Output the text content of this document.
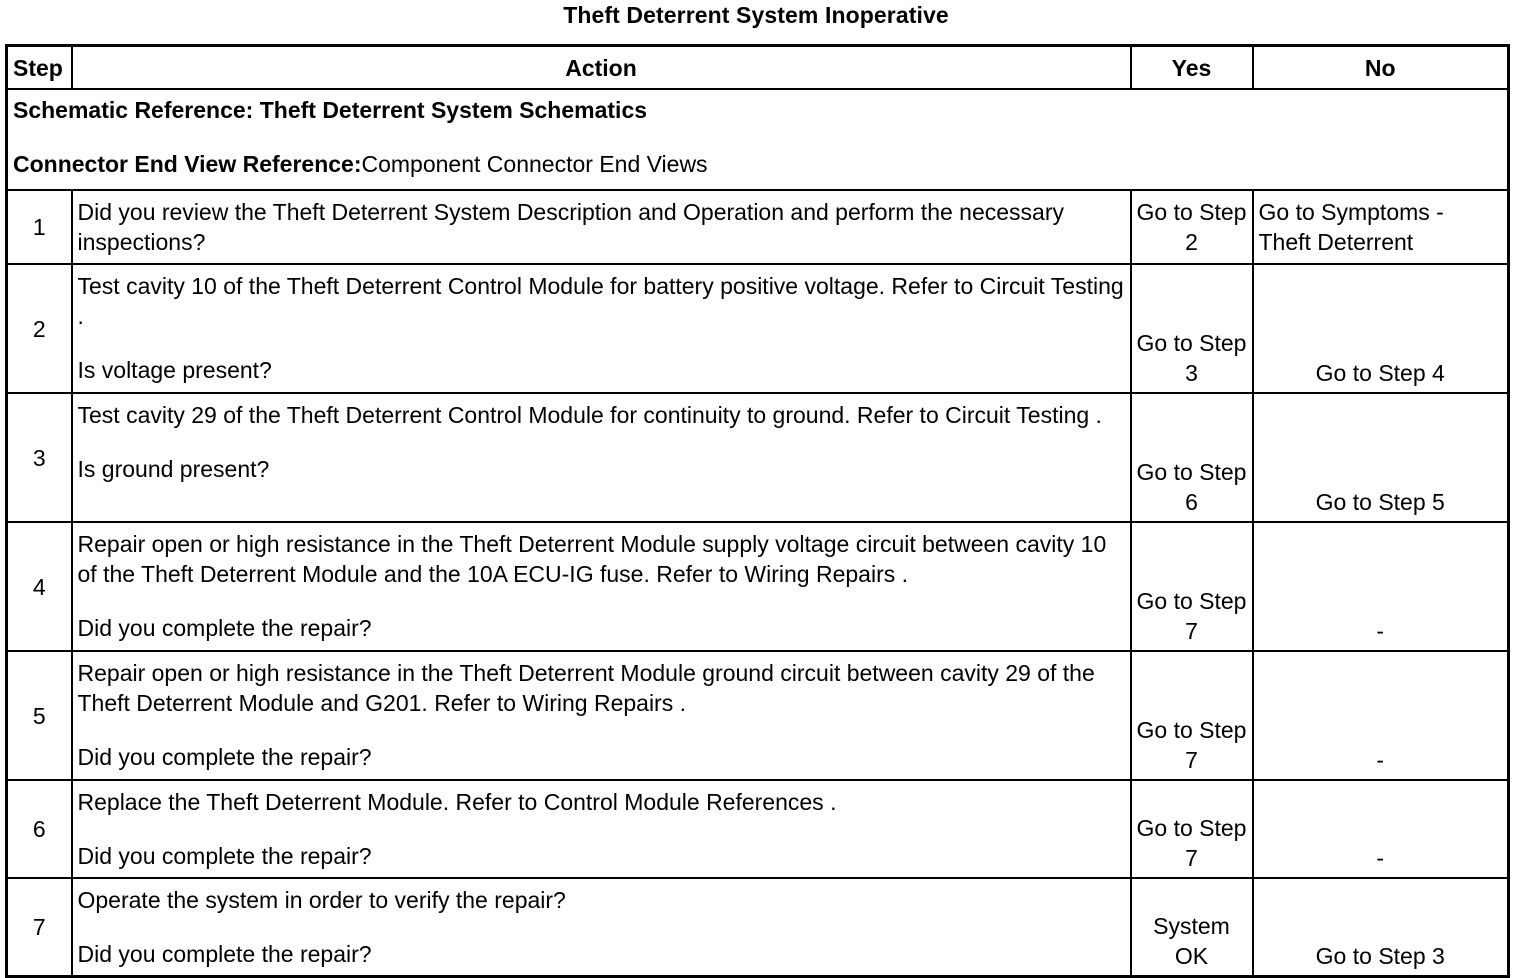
Theft Deterrent System Inoperative
Step	Action	Yes	No

Schematic Reference: Theft Deterrent System Schematics
Connector End View Reference:Component Connector End Views			

1	Did you review the Theft Deterrent System Description and Operation and perform the necessary inspections?	Go to Step 2	Go to Symptoms - Theft Deterrent
2	Test cavity 10 of the Theft Deterrent Control Module for battery positive voltage. Refer to Circuit Testing .
Is voltage present?	Go to Step 3	Go to Step 4
3	Test cavity 29 of the Theft Deterrent Control Module for continuity to ground. Refer to Circuit Testing .
Is ground present?	Go to Step 6	Go to Step 5
4	Repair open or high resistance in the Theft Deterrent Module supply voltage circuit between cavity 10 of the Theft Deterrent Module and the 10A ECU-IG fuse. Refer to Wiring Repairs .
Did you complete the repair?	Go to Step 7	-
5	Repair open or high resistance in the Theft Deterrent Module ground circuit between cavity 29 of the Theft Deterrent Module and G201. Refer to Wiring Repairs .
Did you complete the repair?	Go to Step 7	-
6	Replace the Theft Deterrent Module. Refer to Control Module References .
Did you complete the repair?	Go to Step 7	-
7	Operate the system in order to verify the repair?
Did you complete the repair?	System OK	Go to Step 3
